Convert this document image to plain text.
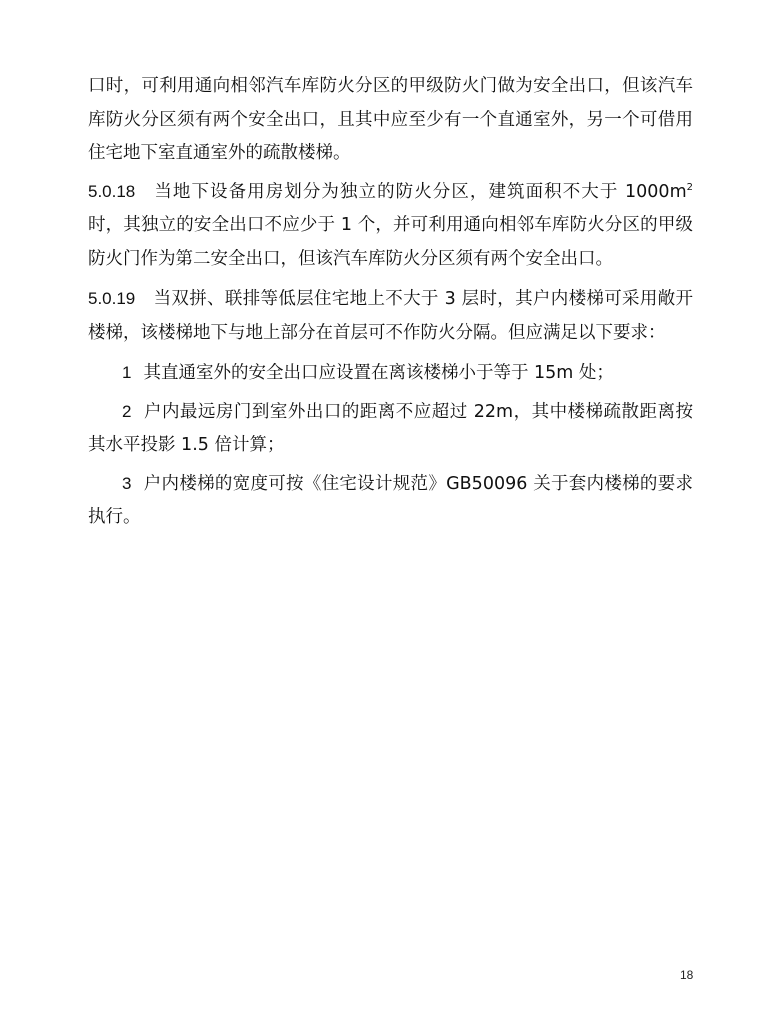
口时，可利用通向相邻汽车库防火分区的甲级防火门做为安全出口，但该汽车库防火分区须有两个安全出口，且其中应至少有一个直通室外，另一个可借用住宅地下室直通室外的疏散楼梯。

5.0.18 当地下设备用房划分为独立的防火分区，建筑面积不大于 $1000m^2$时，其独立的安全出口不应少于 1 个，并可利用通向相邻车库防火分区的甲级防火门作为第二安全出口，但该汽车库防火分区须有两个安全出口。

5.0.19 当双拼、联排等低层住宅地上不大于 3 层时，其户内楼梯可采用敞开楼梯，该楼梯地下与地上部分在首层可不作防火分隔。但应满足以下要求：

1 其直通室外的安全出口应设置在离该楼梯小于等于 15m 处；

2 户内最远房门到室外出口的距离不应超过 22m，其中楼梯疏散距离按其水平投影 1.5 倍计算；

3 户内楼梯的宽度可按《住宅设计规范》GB50096 关于套内楼梯的要求执行。

18
